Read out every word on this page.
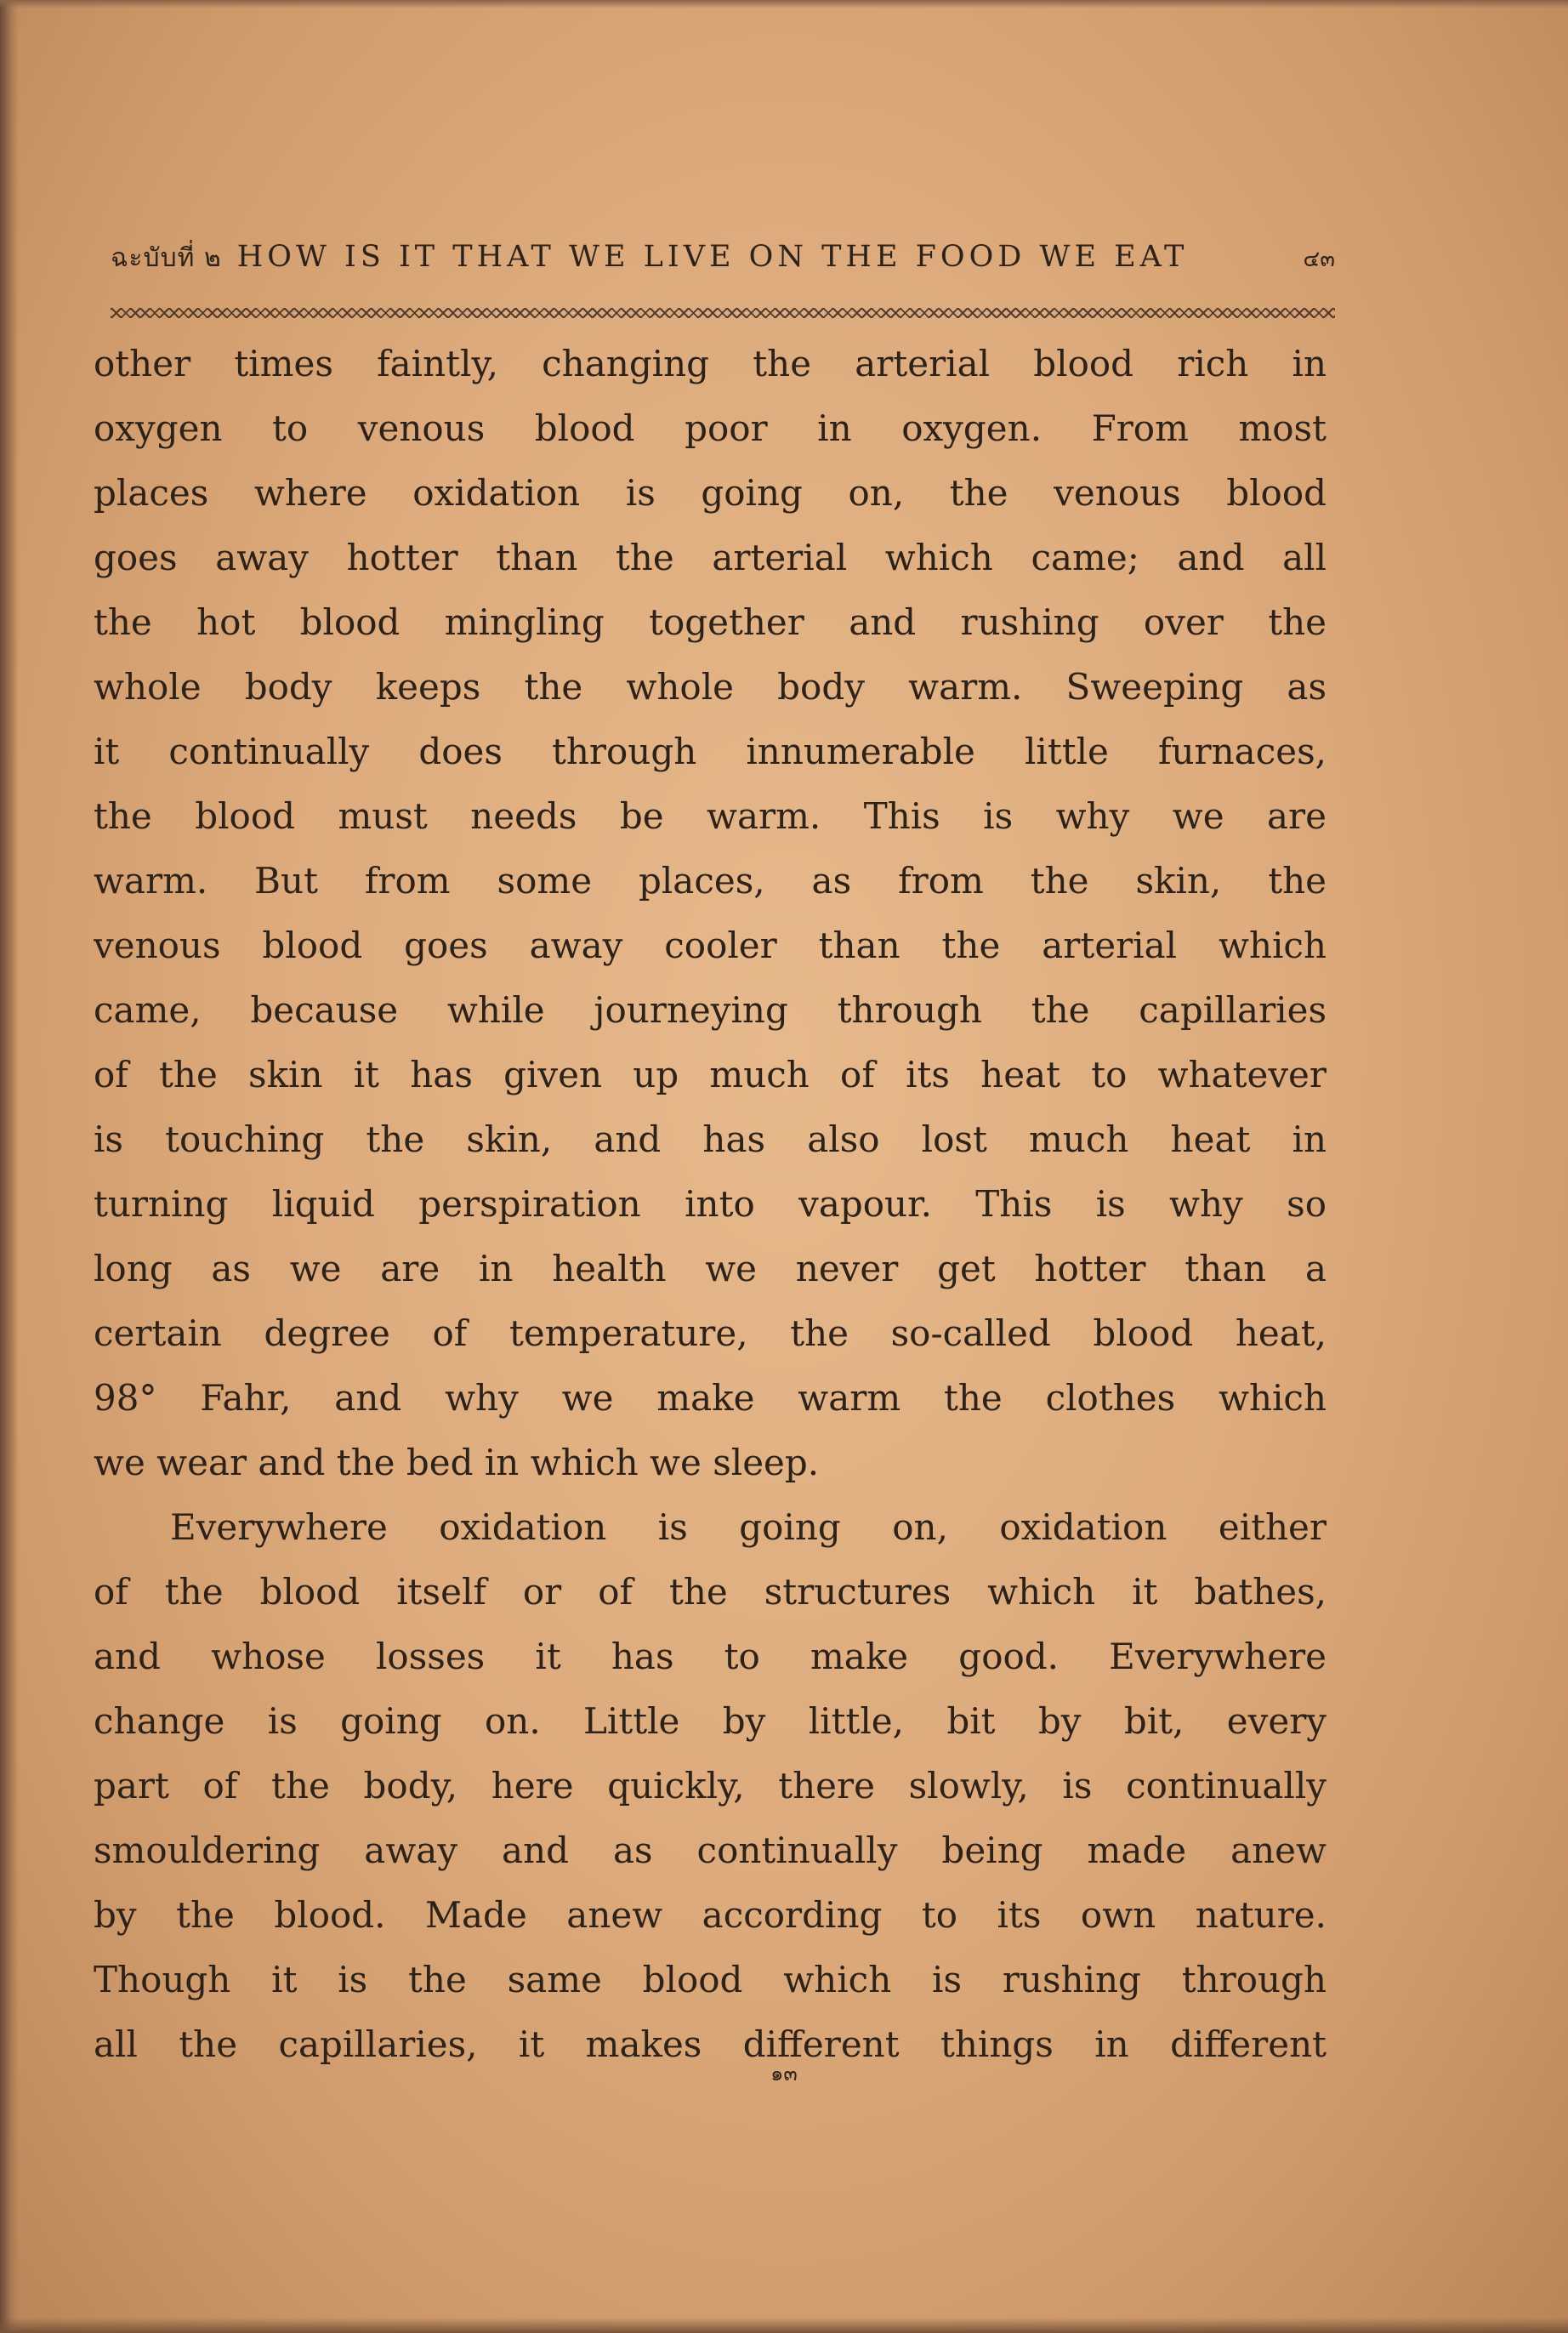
ฉะบับที่ ๒ HOW IS IT THAT WE LIVE ON THE FOOD WE EAT	๔๓
other times faintly, changing the arterial blood rich in
oxygen to venous blood poor in oxygen. From most
places where oxidation is going on, the venous blood
goes away hotter than the arterial which came; and all
the hot blood mingling together and rushing over the
whole body keeps the whole body warm. Sweeping as
it continually does through innumerable little furnaces,
the blood must needs be warm. This is why we are
warm. But from some places, as from the skin, the
venous blood goes away cooler than the arterial which
came, because while journeying through the capillaries
of the skin it has given up much of its heat to whatever
is touching the skin, and has also lost much heat in
turning liquid perspiration into vapour. This is why so
long as we are in health we never get hotter than a
certain degree of temperature, the so-called blood heat,
98° Fahr, and why we make warm the clothes which
we wear and the bed in which we sleep.
Everywhere oxidation is going on, oxidation either
of the blood itself or of the structures which it bathes,
and whose losses it has to make good. Everywhere
change is going on. Little by little, bit by bit, every
part of the body, here quickly, there slowly, is continually
smouldering away and as continually being made anew
by the blood. Made anew according to its own nature.
Though it is the same blood which is rushing through
all the capillaries, it makes different things in different
๑๓
